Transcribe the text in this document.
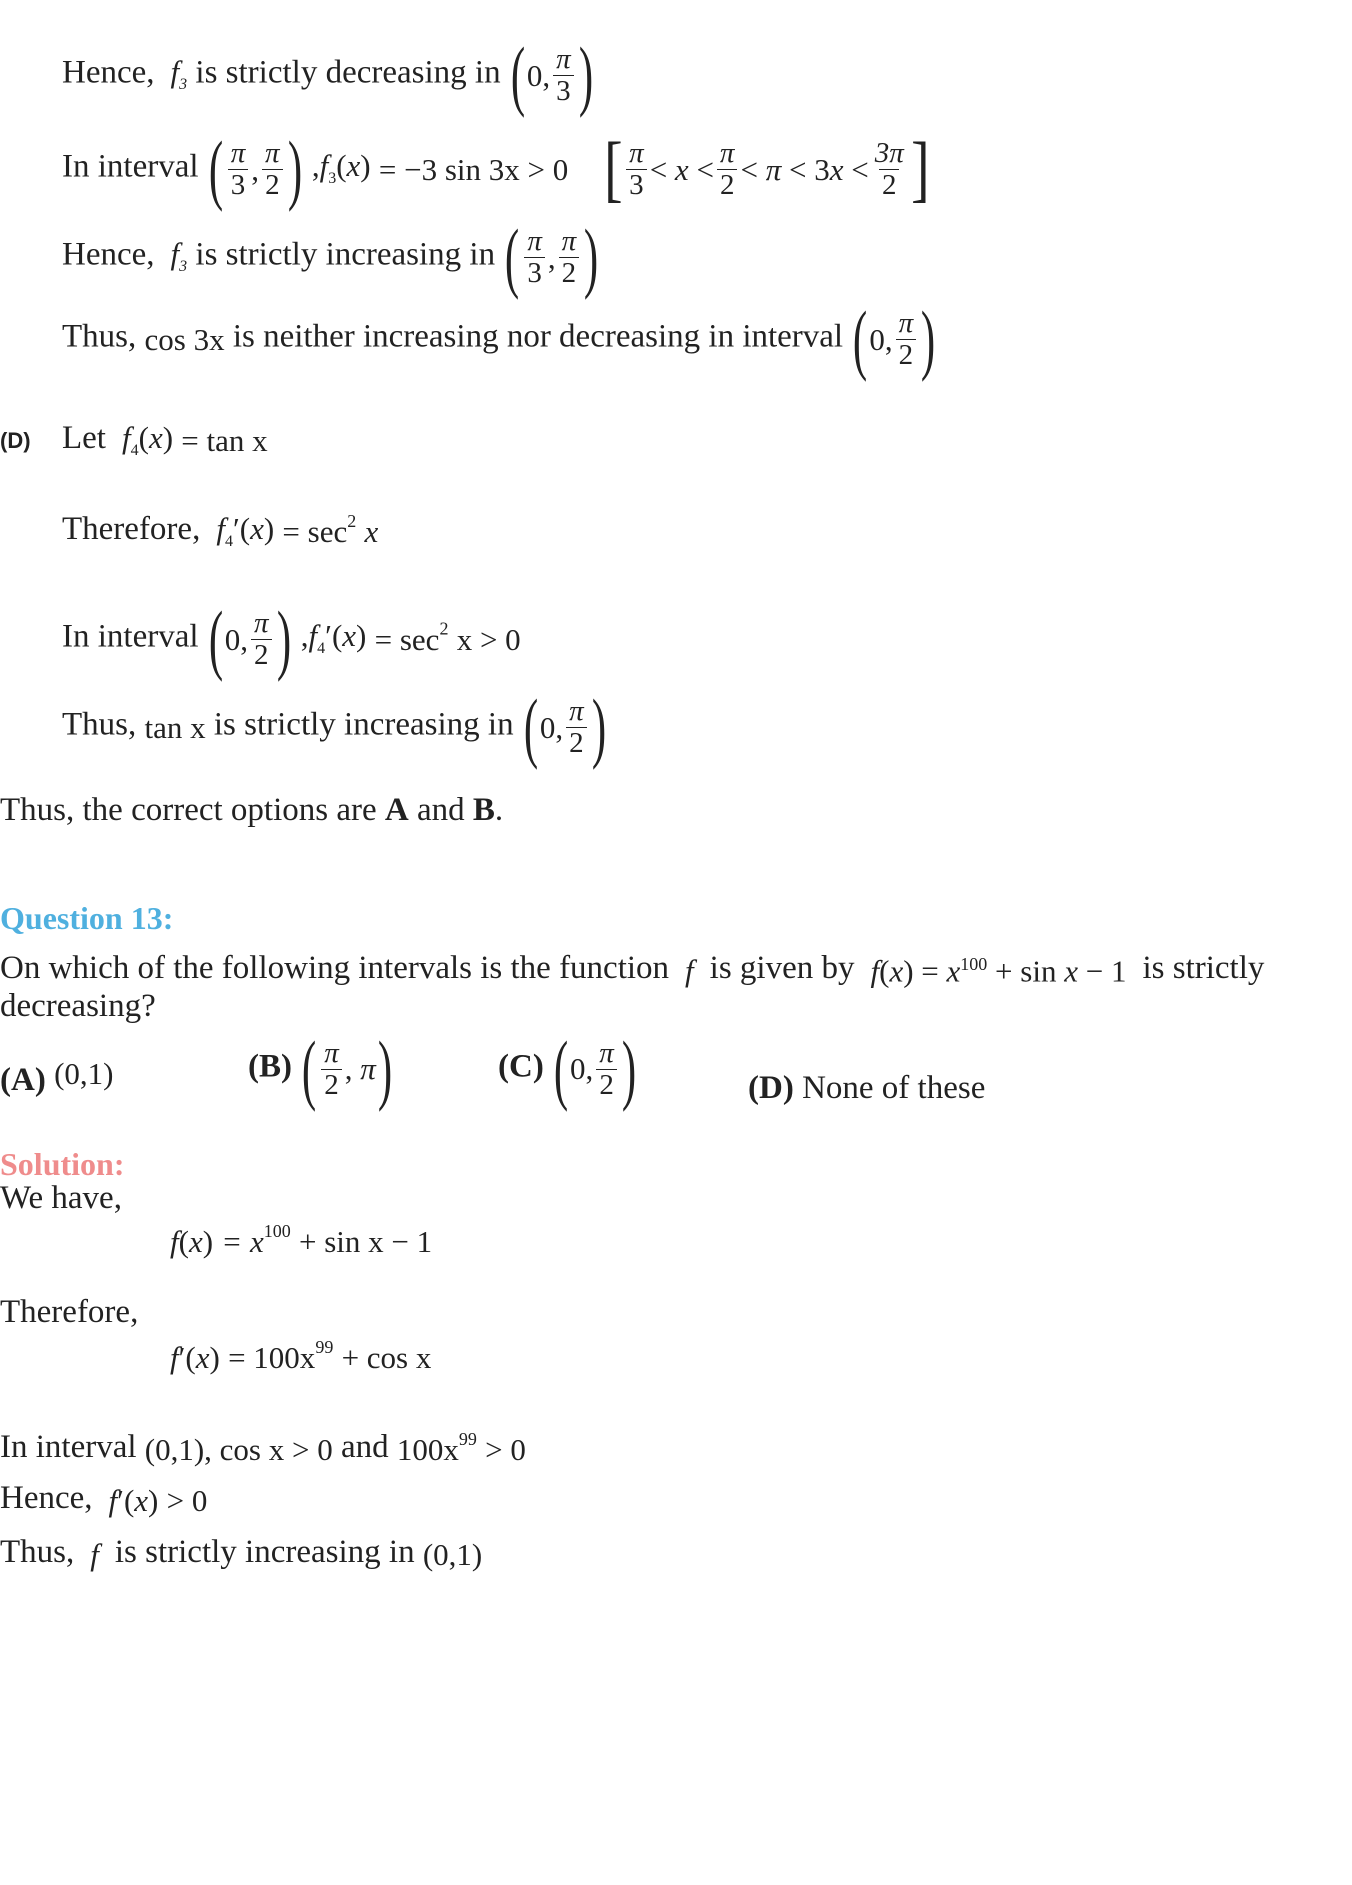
Hence,  $f_3$ is strictly decreasing in (0, $\frac{\pi}{3}$ )
In interval ( $\frac{\pi}{3}$ , $\frac{\pi}{2}$ ) $,f_3(x) = -3$ sin 3x > 0 [ $\frac{\pi}{3} < x < \frac{\pi}{2} < \pi < 3x < \frac{3\pi}{2}$ ]
Hence,  $f_3$ is strictly increasing in ( $\frac{\pi}{3}$ , $\frac{\pi}{2}$ )
Thus, cos 3x is neither increasing nor decreasing in interval (0, $\frac{\pi}{2}$ )
(D) Let $f_4(x) = \tan x$
Therefore, $f_4'(x) = \sec^2 x$
In interval (0, $\frac{\pi}{2}$ ) $,f_4'(x) = \sec^2 x > 0$
Thus, tan x is strictly increasing in (0, $\frac{\pi}{2}$ )
Thus, the correct options are A and B.
Question 13:
On which of the following intervals is the function  f  is given by $f(x) = x^{100} + \sin x - 1$  is strictly
decreasing?
(A) (0,1)	(B) ( $\frac{\pi}{2}$ , π)	(C) (0, $\frac{\pi}{2}$ )	(D) None of these
Solution:
We have,
$f(x) = x^{100} + \sin x - 1$
Therefore,
$f'(x) = 100x^{99} + \cos x$
In interval (0,1), cos x > 0 and $100x^{99} > 0$
Hence, f′(x) > 0
Thus,  f  is strictly increasing in (0,1)
